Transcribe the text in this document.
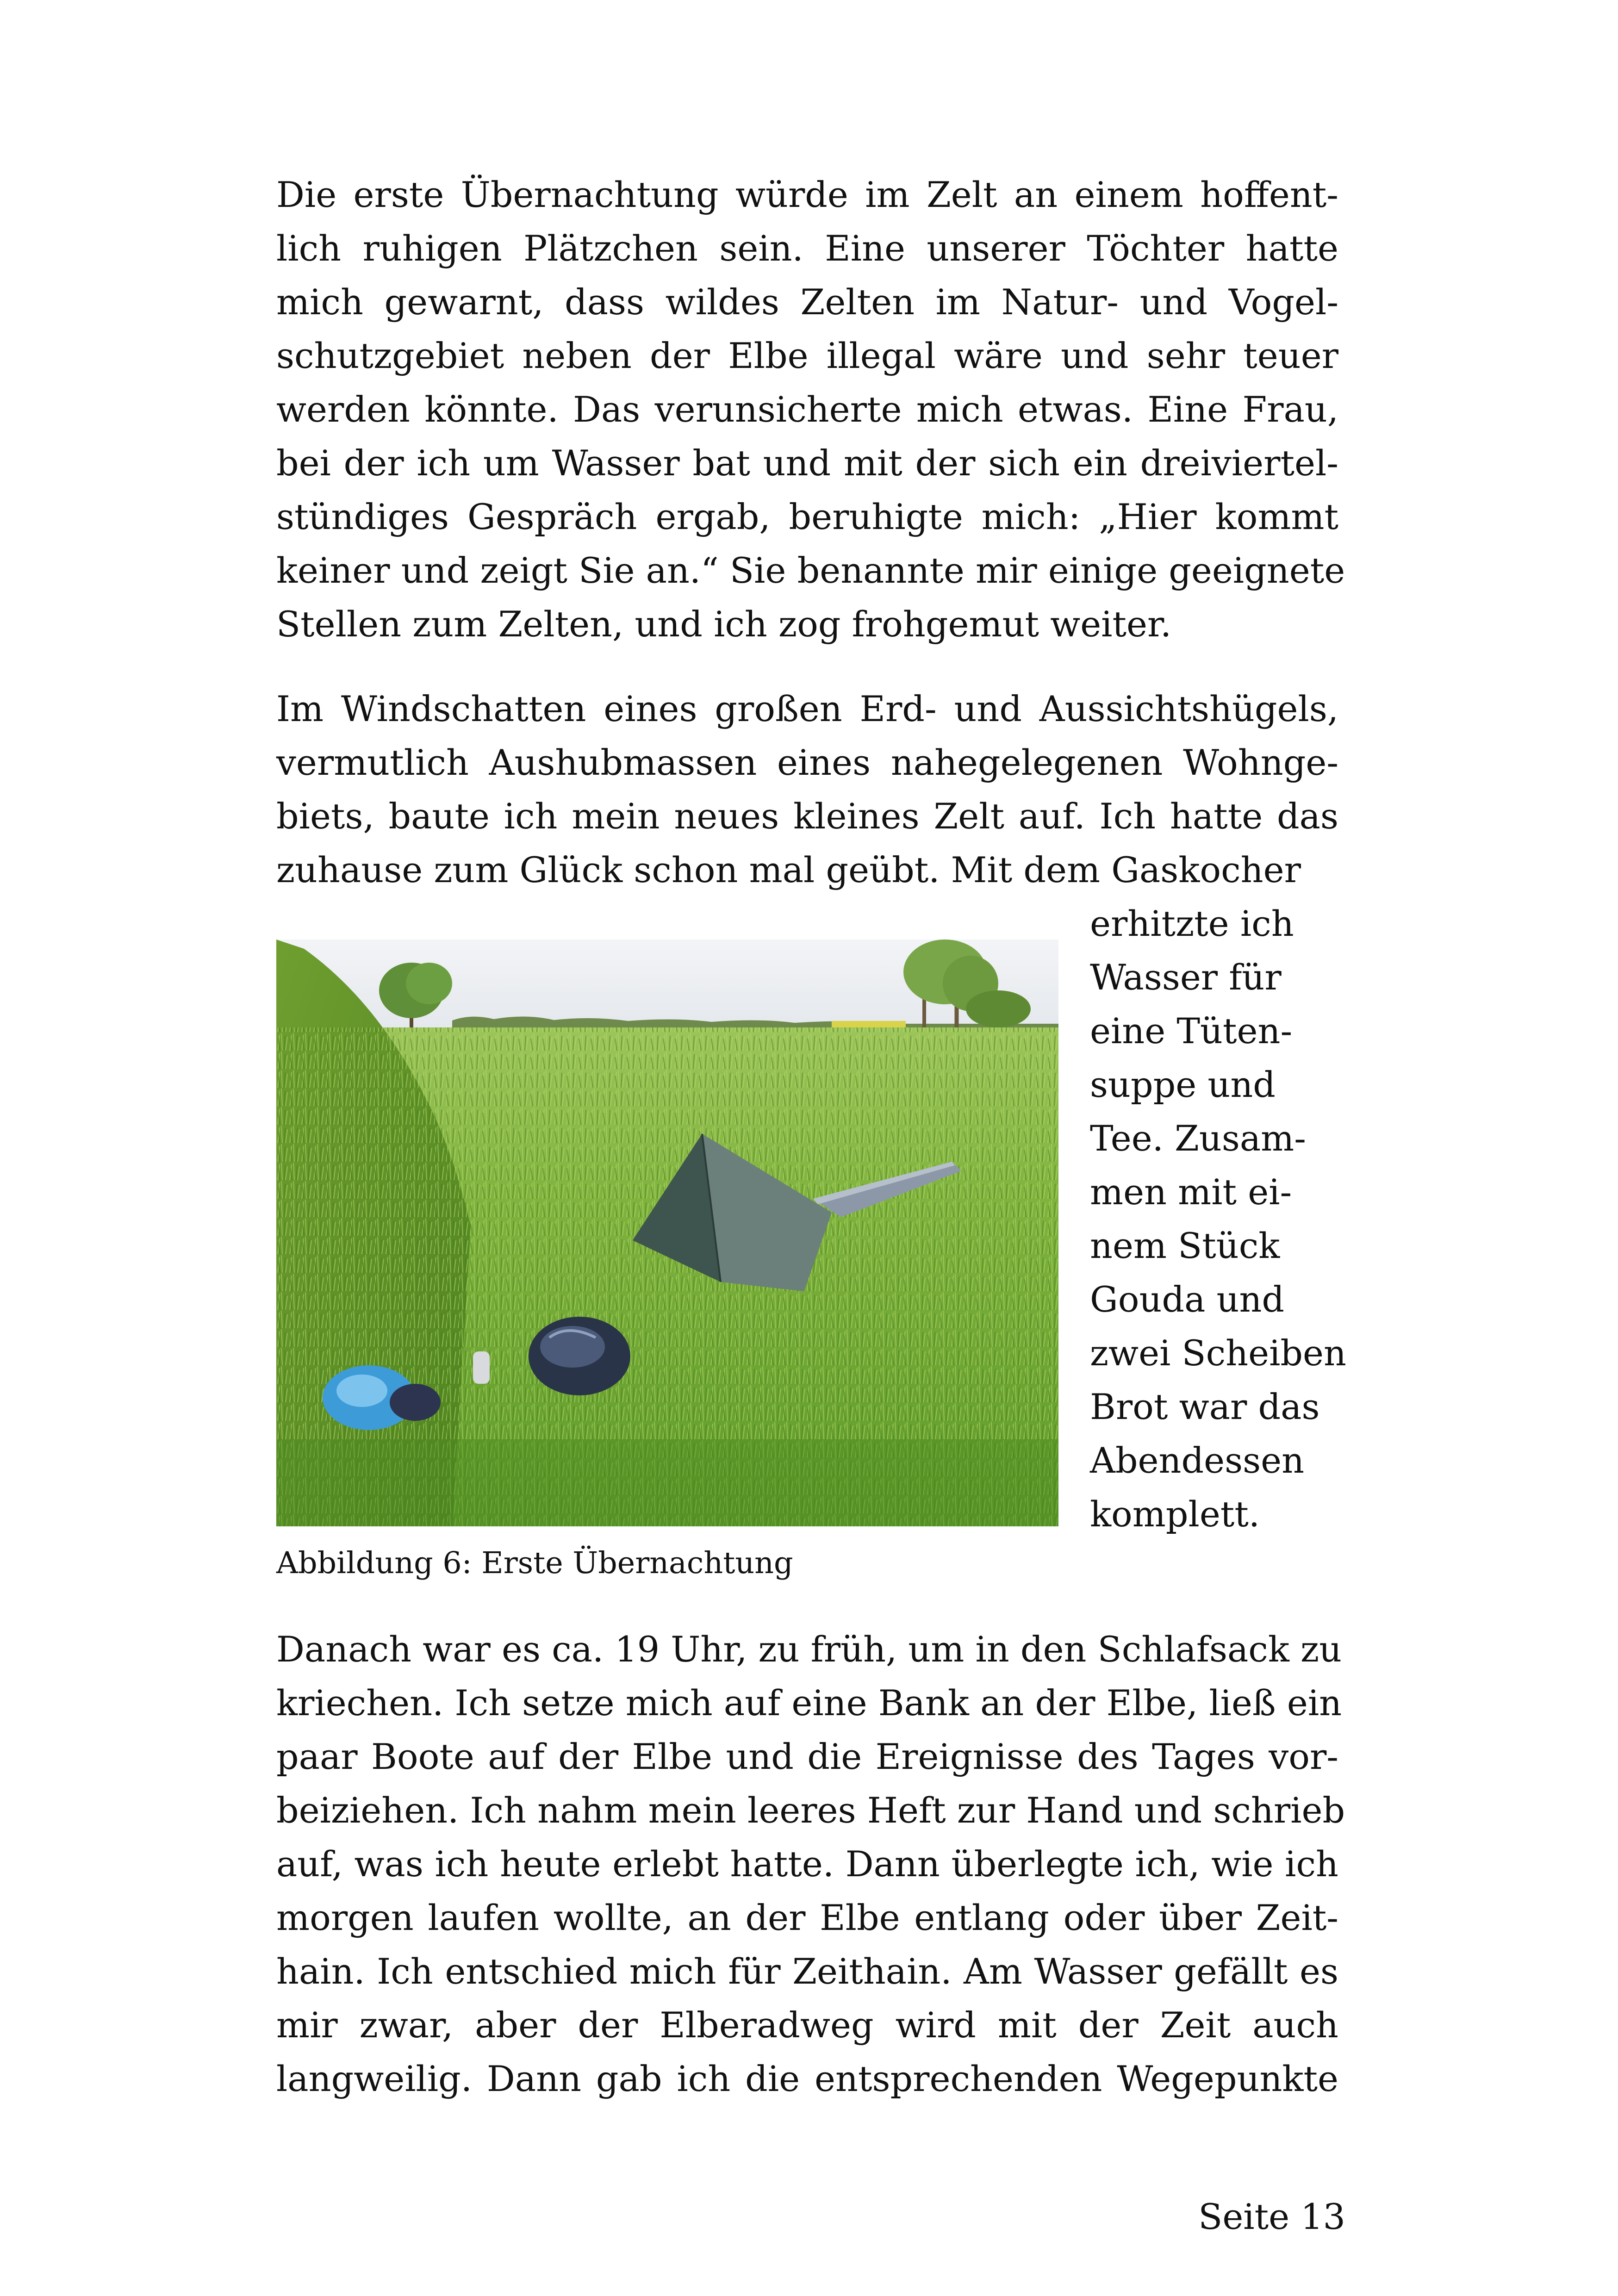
Die erste Übernachtung würde im Zelt an einem hoffent-
lich ruhigen Plätzchen sein. Eine unserer Töchter hatte
mich gewarnt, dass wildes Zelten im Natur- und Vogel-
schutzgebiet neben der Elbe illegal wäre und sehr teuer
werden könnte. Das verunsicherte mich etwas. Eine Frau,
bei der ich um Wasser bat und mit der sich ein dreiviertel-
stündiges Gespräch ergab, beruhigte mich: „Hier kommt
keiner und zeigt Sie an.“ Sie benannte mir einige geeignete
Stellen zum Zelten, und ich zog frohgemut weiter.
Im Windschatten eines großen Erd- und Aussichtshügels,
vermutlich Aushubmassen eines nahegelegenen Wohnge-
biets, baute ich mein neues kleines Zelt auf. Ich hatte das
zuhause zum Glück schon mal geübt. Mit dem Gaskocher
erhitzte ich
Wasser für
eine Tüten-
suppe und
Tee. Zusam-
men mit ei-
nem Stück
Gouda und
zwei Scheiben
Brot war das
Abendessen
komplett.
Abbildung 6: Erste Übernachtung
Danach war es ca. 19 Uhr, zu früh, um in den Schlafsack zu
kriechen. Ich setze mich auf eine Bank an der Elbe, ließ ein
paar Boote auf der Elbe und die Ereignisse des Tages vor-
beiziehen. Ich nahm mein leeres Heft zur Hand und schrieb
auf, was ich heute erlebt hatte. Dann überlegte ich, wie ich
morgen laufen wollte, an der Elbe entlang oder über Zeit-
hain. Ich entschied mich für Zeithain. Am Wasser gefällt es
mir zwar, aber der Elberadweg wird mit der Zeit auch
langweilig. Dann gab ich die entsprechenden Wegepunkte
Seite 13
